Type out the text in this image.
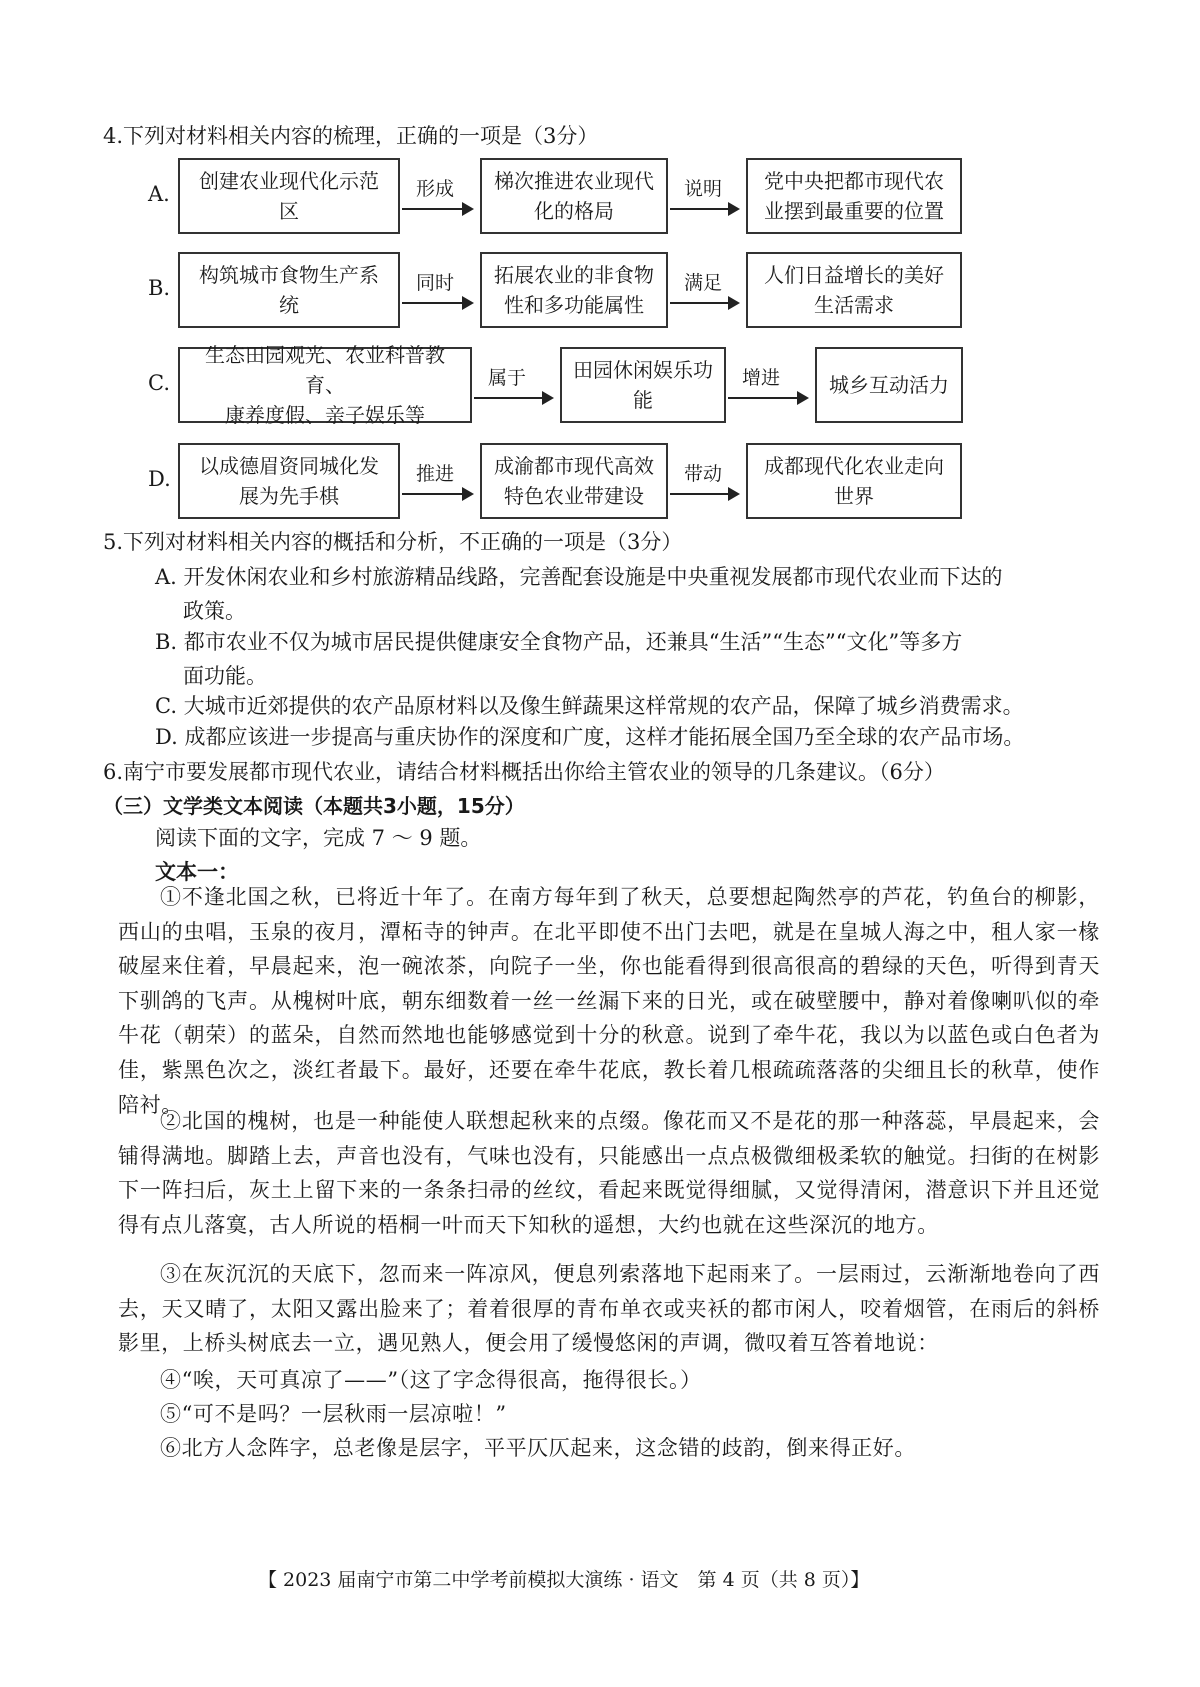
4.下列对材料相关内容的梳理，正确的一项是（3分）
A.
创建农业现代化示范
区
梯次推进农业现代
化的格局
党中央把都市现代农
业摆到最重要的位置
形成	说明
B.
构筑城市食物生产系
统
拓展农业的非食物
性和多功能属性
人们日益增长的美好
生活需求
同时	满足
C.
生态田园观光、农业科普教育、
康养度假、亲子娱乐等
田园休闲娱乐功
能
城乡互动活力
属于	增进
D.
以成德眉资同城化发
展为先手棋
成渝都市现代高效
特色农业带建设
成都现代化农业走向
世界
推进	带动
5.下列对材料相关内容的概括和分析，不正确的一项是（3分）
A. 开发休闲农业和乡村旅游精品线路，完善配套设施是中央重视发展都市现代农业而下达的
政策。
B. 都市农业不仅为城市居民提供健康安全食物产品，还兼具“生活”“生态”“文化”等多方
面功能。
C. 大城市近郊提供的农产品原材料以及像生鲜蔬果这样常规的农产品，保障了城乡消费需求。
D. 成都应该进一步提高与重庆协作的深度和广度，这样才能拓展全国乃至全球的农产品市场。
6.南宁市要发展都市现代农业，请结合材料概括出你给主管农业的领导的几条建议。（6分）
（三）文学类文本阅读（本题共3小题，15分）
阅读下面的文字，完成 7 ～ 9 题。
文本一：
①不逢北国之秋，已将近十年了。在南方每年到了秋天，总要想起陶然亭的芦花，钓鱼台的柳影，西山的虫唱，玉泉的夜月，潭柘寺的钟声。在北平即使不出门去吧，就是在皇城人海之中，租人家一椽破屋来住着，早晨起来，泡一碗浓茶，向院子一坐，你也能看得到很高很高的碧绿的天色，听得到青天下驯鸽的飞声。从槐树叶底，朝东细数着一丝一丝漏下来的日光，或在破壁腰中，静对着像喇叭似的牵牛花（朝荣）的蓝朵，自然而然地也能够感觉到十分的秋意。说到了牵牛花，我以为以蓝色或白色者为佳，紫黑色次之，淡红者最下。最好，还要在牵牛花底，教长着几根疏疏落落的尖细且长的秋草，使作陪衬。
②北国的槐树，也是一种能使人联想起秋来的点缀。像花而又不是花的那一种落蕊，早晨起来，会铺得满地。脚踏上去，声音也没有，气味也没有，只能感出一点点极微细极柔软的触觉。扫街的在树影下一阵扫后，灰土上留下来的一条条扫帚的丝纹，看起来既觉得细腻，又觉得清闲，潜意识下并且还觉得有点儿落寞，古人所说的梧桐一叶而天下知秋的遥想，大约也就在这些深沉的地方。
③在灰沉沉的天底下，忽而来一阵凉风，便息列索落地下起雨来了。一层雨过，云渐渐地卷向了西去，天又晴了，太阳又露出脸来了；着着很厚的青布单衣或夹袄的都市闲人，咬着烟管，在雨后的斜桥影里，上桥头树底去一立，遇见熟人，便会用了缓慢悠闲的声调，微叹着互答着地说：
④“唉，天可真凉了——”（这了字念得很高，拖得很长。）
⑤“可不是吗？一层秋雨一层凉啦！”
⑥北方人念阵字，总老像是层字，平平仄仄起来，这念错的歧韵，倒来得正好。
【 2023 届南宁市第二中学考前模拟大演练 · 语文　第 4 页（共 8 页）】
